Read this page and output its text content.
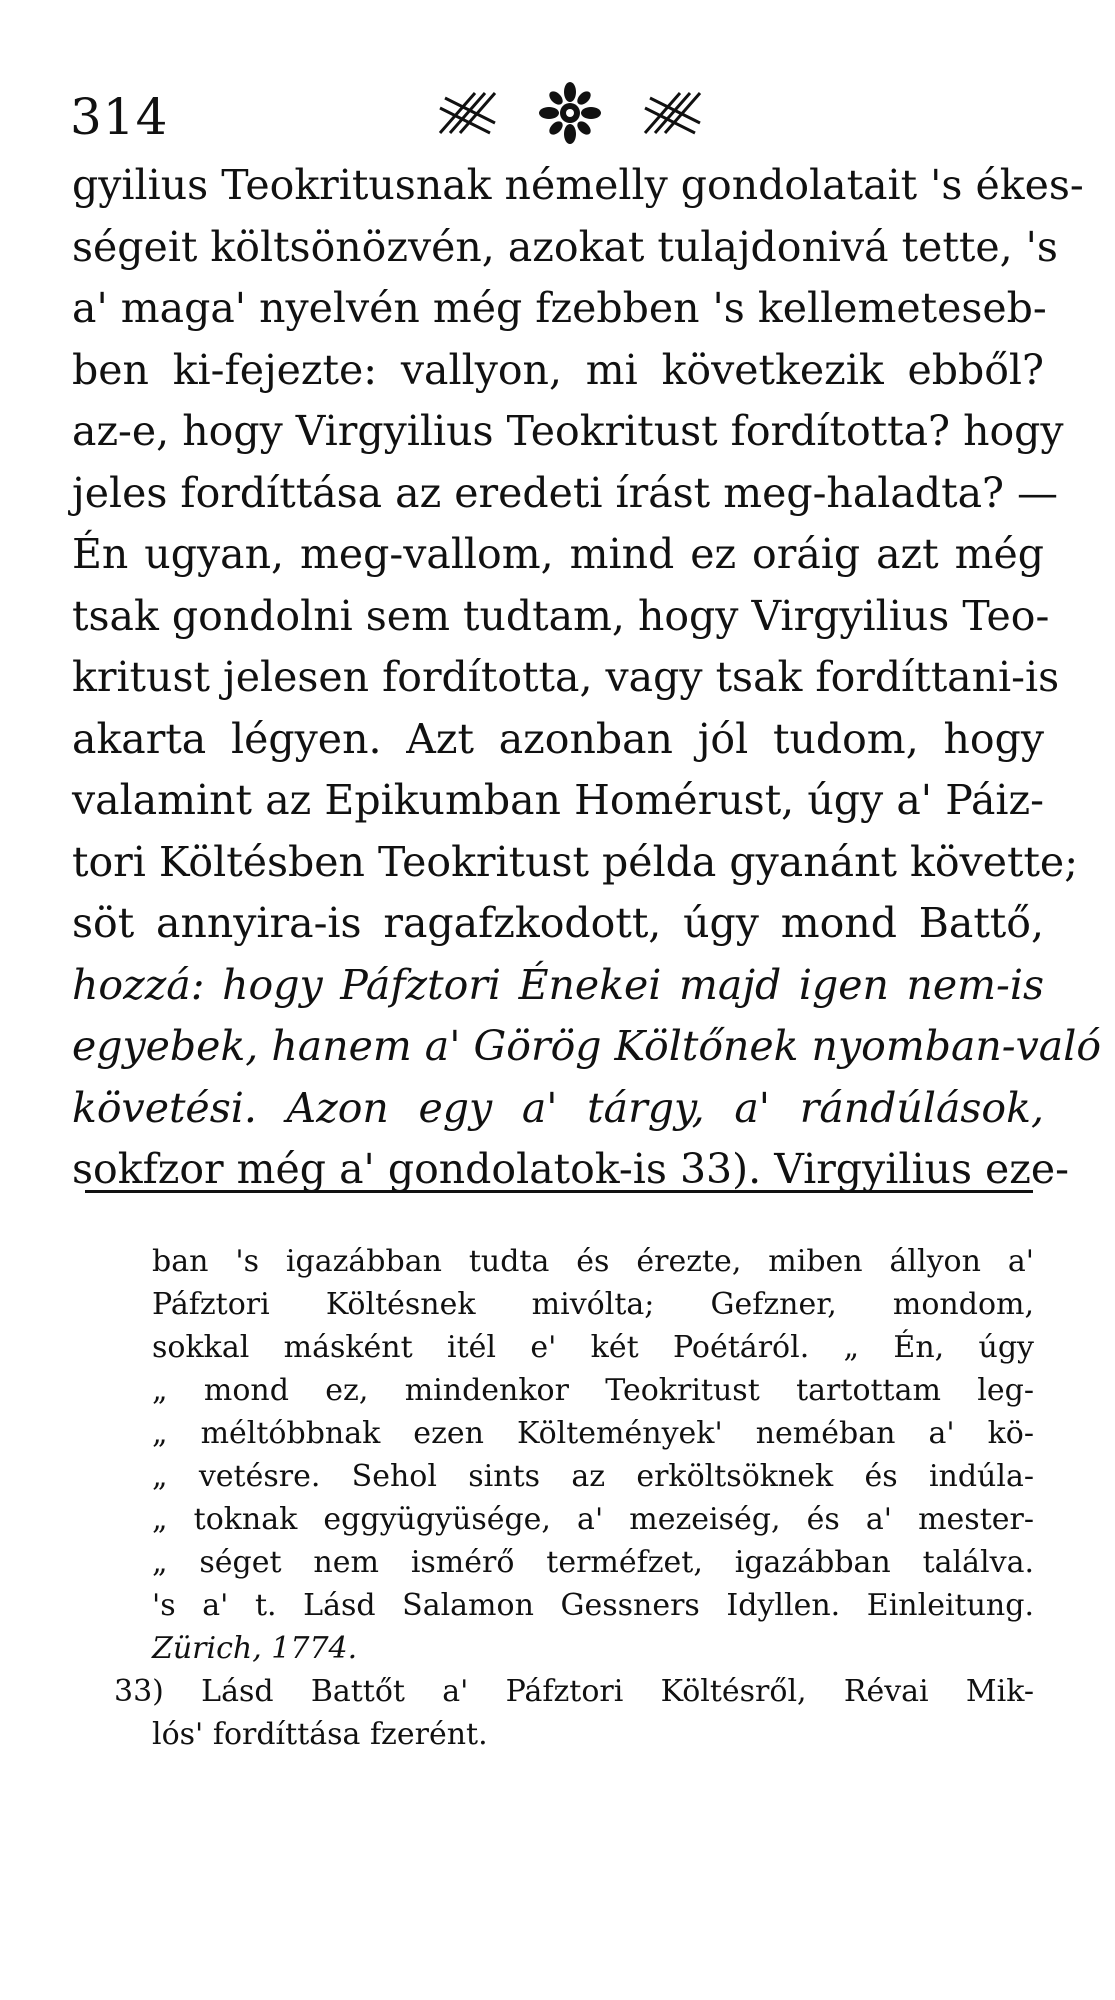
314
gyilius Teokritusnak némelly gondolatait 's ékes-
ségeit költsönözvén, azokat tulajdonivá tette, 's
a' maga' nyelvén még fzebben 's kellemeteseb-
ben ki-fejezte: vallyon, mi következik ebből?
az-e, hogy Virgyilius Teokritust fordította? hogy
jeles fordíttása az eredeti írást meg-haladta? —
Én ugyan, meg-vallom, mind ez oráig azt még
tsak gondolni sem tudtam, hogy Virgyilius Teo-
kritust jelesen fordította, vagy tsak fordíttani-is
akarta légyen. Azt azonban jól tudom, hogy
valamint az Epikumban Homérust, úgy a' Páiz-
tori Költésben Teokritust példa gyanánt követte;
söt annyira-is ragafzkodott, úgy mond Battő,
hozzá: hogy Páfztori Énekei majd igen nem-is
egyebek, hanem a' Görög Költőnek nyomban-való
követési. Azon egy a' tárgy, a' rándúlások,
sokfzor még a' gondolatok-is 33). Virgyilius eze-
ban 's igazábban tudta és érezte, miben állyon a'
Páfztori Költésnek mivólta; Gefzner, mondom,
sokkal másként itél e' két Poétáról. „ Én, úgy
„ mond ez, mindenkor Teokritust tartottam leg-
„ méltóbbnak ezen Költemények' neméban a' kö-
„ vetésre. Sehol sints az erköltsöknek és indúla-
„ toknak eggyügyüsége, a' mezeiség, és a' mester-
„ séget nem ismérő terméfzet, igazábban találva.
's a' t. Lásd Salamon Gessners Idyllen. Einleitung.
Zürich, 1774.
33) Lásd Battőt a' Páfztori Költésről, Révai Mik-
lós' fordíttása fzerént.
